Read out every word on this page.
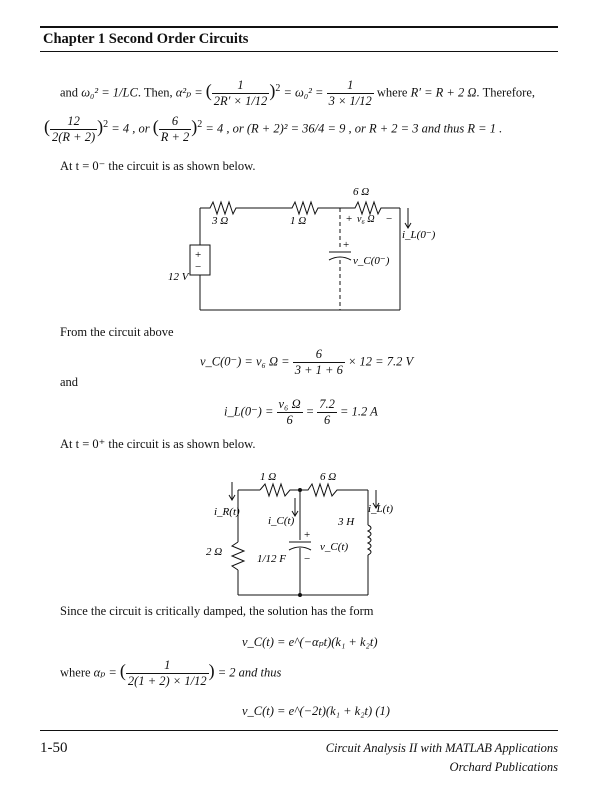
Chapter 1 Second Order Circuits
and ω₀² = 1/LC. Then, α²ₚ = ( $\frac{1}{2R' \times 1/12} )^2 = \omega_0^2 = \frac{1}{3 \times 1/12}$ where R′ = R + 2 Ω. Therefore,
( $\frac{12}{2(R + 2)} )^2 = 4$ , or ( $\frac{6}{R + 2} )^2 = 4$ , or (R + 2)² = 36/4 = 9 , or R + 2 = 3 and thus R = 1 .
At t = 0⁻ the circuit is as shown below.
6 Ω
3 Ω	1 Ω	+ v₆ Ω −
i_L(0⁻)
+
v_C(0⁻)
+
−
12 V
From the circuit above
v_C(0⁻) = v₆ $\Omega = \frac{6}{3 + 1 + 6} \times 12 = 7.2$ V
and
i_L(0⁻) = $\frac{\text{v₆ Ω}}{6} = \frac{7.2}{6} = 1.2$ A
At t = 0⁺ the circuit is as shown below.
1 Ω	6 Ω
i_R(t)
i_C(t)
i_L(t)
3 H
+
v_C(t)
2 Ω
1/12 F −
Since the circuit is critically damped, the solution has the form
v_C(t) = e^(−αₚt)(k₁ + k₂t)
where αₚ = ( $\frac{1}{2(1 + 2) \times 1/12}$ ) = 2 and thus
v_C(t) = e^(−2t)(k₁ + k₂t) (1)
1-50	Circuit Analysis II with MATLAB Applications
Orchard Publications
